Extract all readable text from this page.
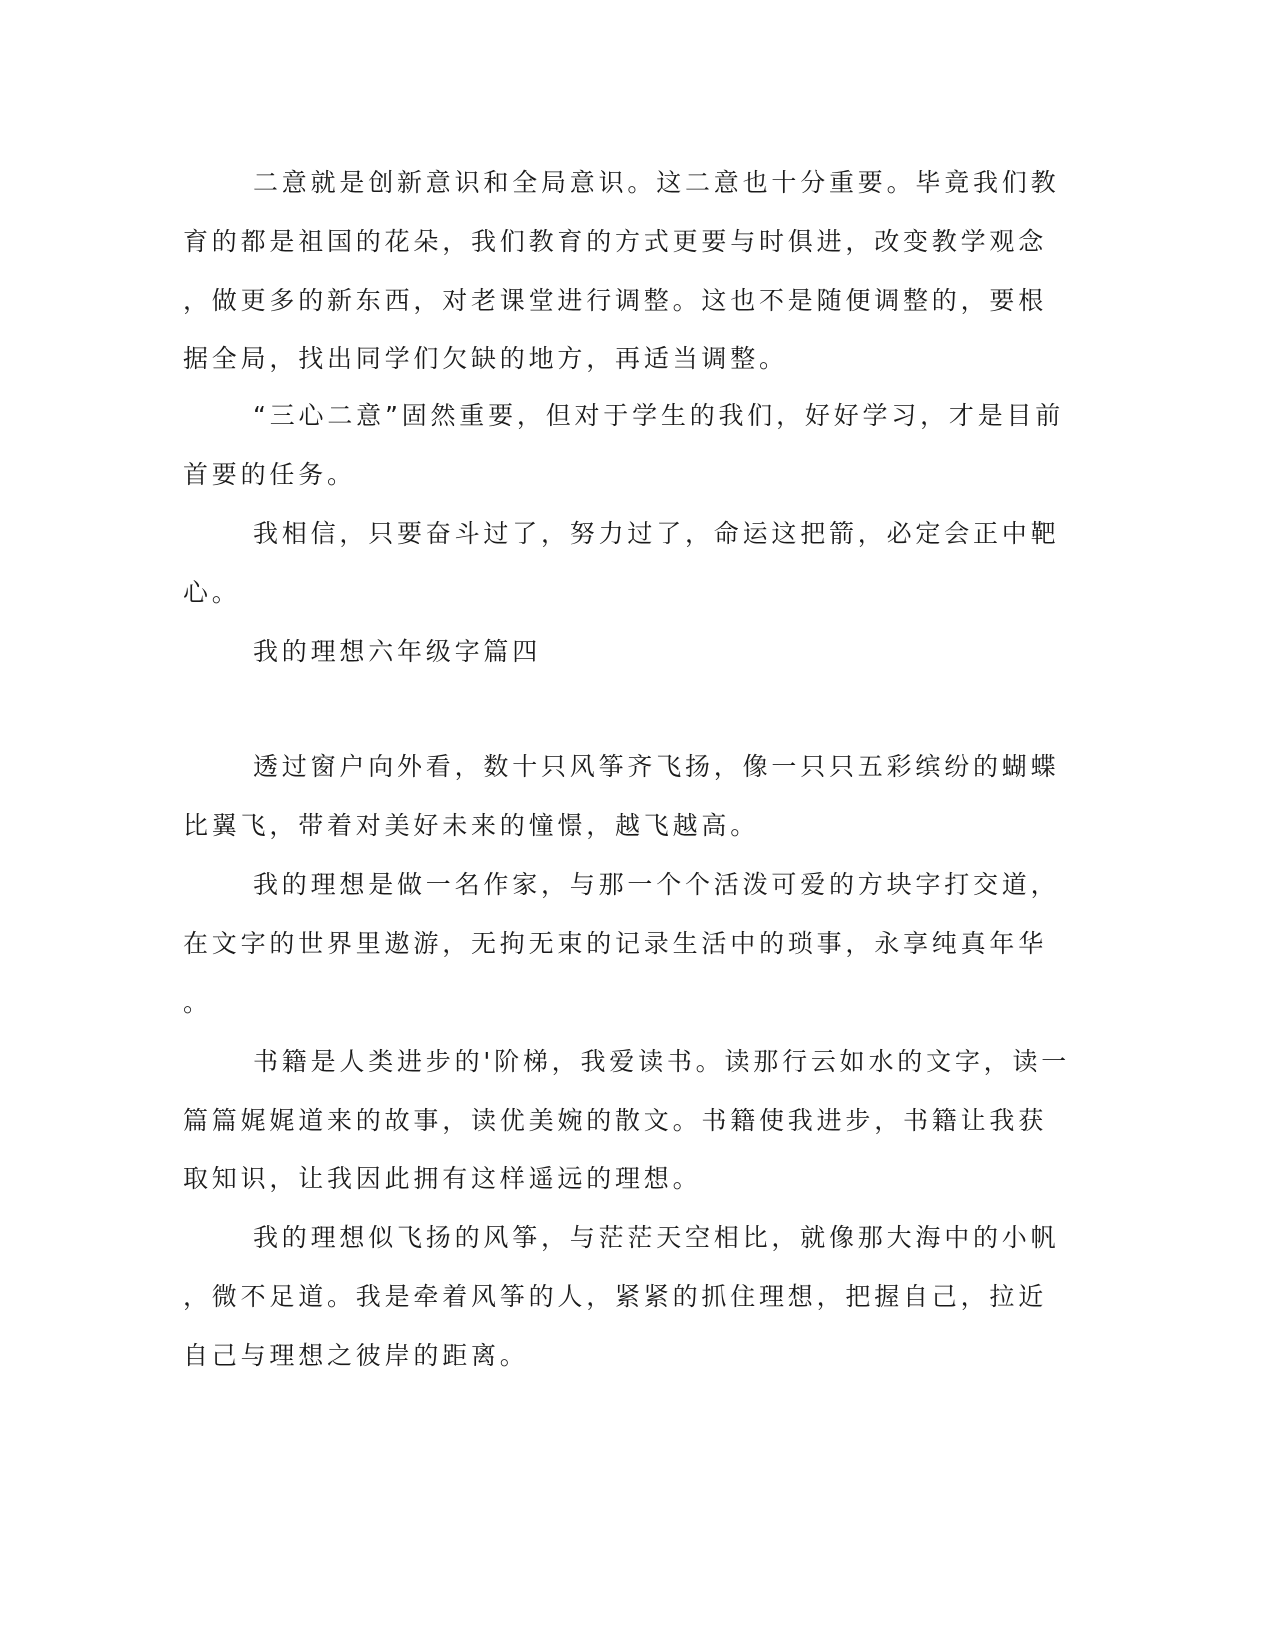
二意就是创新意识和全局意识。这二意也十分重要。毕竟我们教
育的都是祖国的花朵，我们教育的方式更要与时俱进，改变教学观念
，做更多的新东西，对老课堂进行调整。这也不是随便调整的，要根
据全局，找出同学们欠缺的地方，再适当调整。
“三心二意”固然重要，但对于学生的我们，好好学习，才是目前
首要的任务。
我相信，只要奋斗过了，努力过了，命运这把箭，必定会正中靶
心。
我的理想六年级字篇四
透过窗户向外看，数十只风筝齐飞扬，像一只只五彩缤纷的蝴蝶
比翼飞，带着对美好未来的憧憬，越飞越高。
我的理想是做一名作家，与那一个个活泼可爱的方块字打交道，
在文字的世界里遨游，无拘无束的记录生活中的琐事，永享纯真年华
。
书籍是人类进步的'阶梯，我爱读书。读那行云如水的文字，读一
篇篇娓娓道来的故事，读优美婉的散文。书籍使我进步，书籍让我获
取知识，让我因此拥有这样遥远的理想。
我的理想似飞扬的风筝，与茫茫天空相比，就像那大海中的小帆
，微不足道。我是牵着风筝的人，紧紧的抓住理想，把握自己，拉近
自己与理想之彼岸的距离。
